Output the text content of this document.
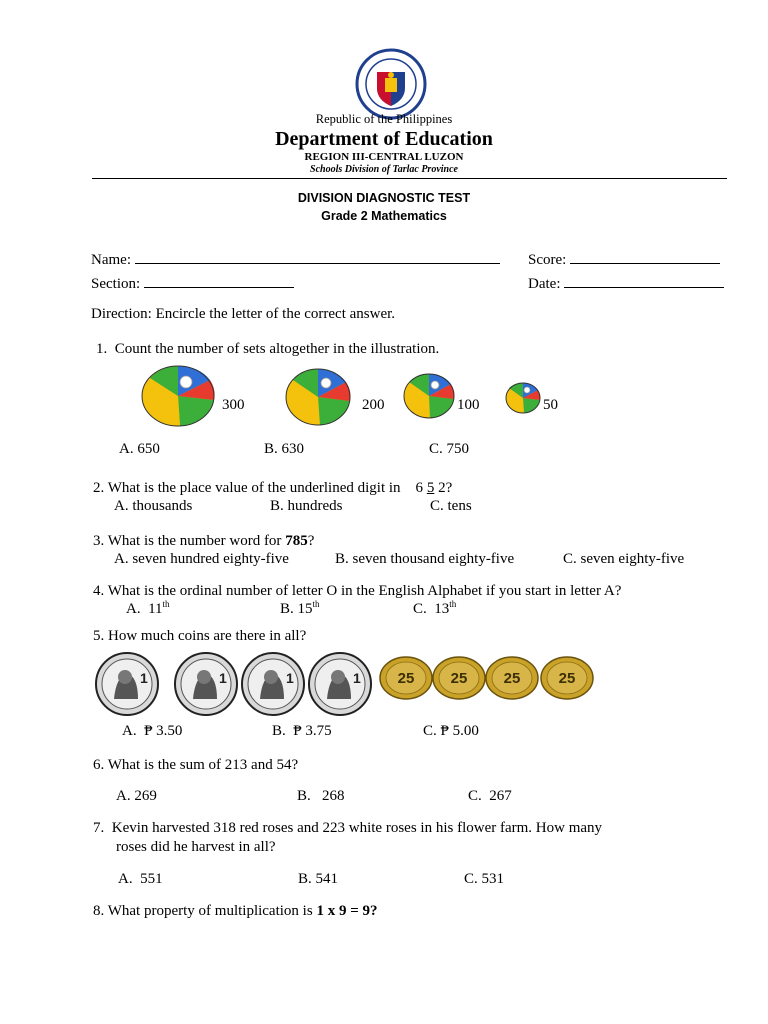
Republic of the Philippines
Department of Education
REGION III-CENTRAL LUZON
Schools Division of Tarlac Province
DIVISION DIAGNOSTIC TEST
Grade 2 Mathematics
Name:	Score:
Section:	Date:
Direction: Encircle the letter of the correct answer.
1. Count the number of sets altogether in the illustration.
300	200	100	50
A. 650	B. 630	C. 750
2. What is the place value of the underlined digit in    6 5 2?
A. thousands	B. hundreds	C. tens
3. What is the number word for 785?
A. seven hundred eighty-five	B. seven thousand eighty-five	C. seven eighty-five
4. What is the ordinal number of letter O in the English Alphabet if you start in letter A?
A.  11th	B. 15th	C.  13th
5. How much coins are there in all?
1	1	1	1 25 25 25	25
A.  ₱ 3.50	B.  ₱ 3.75	C. ₱ 5.00
6. What is the sum of 213 and 54?
A. 269	B.   268	C.  267
7.  Kevin harvested 318 red roses and 223 white roses in his flower farm. How many
roses did he harvest in all?
A.  551	B. 541	C. 531
8. What property of multiplication is 1 x 9 = 9?
